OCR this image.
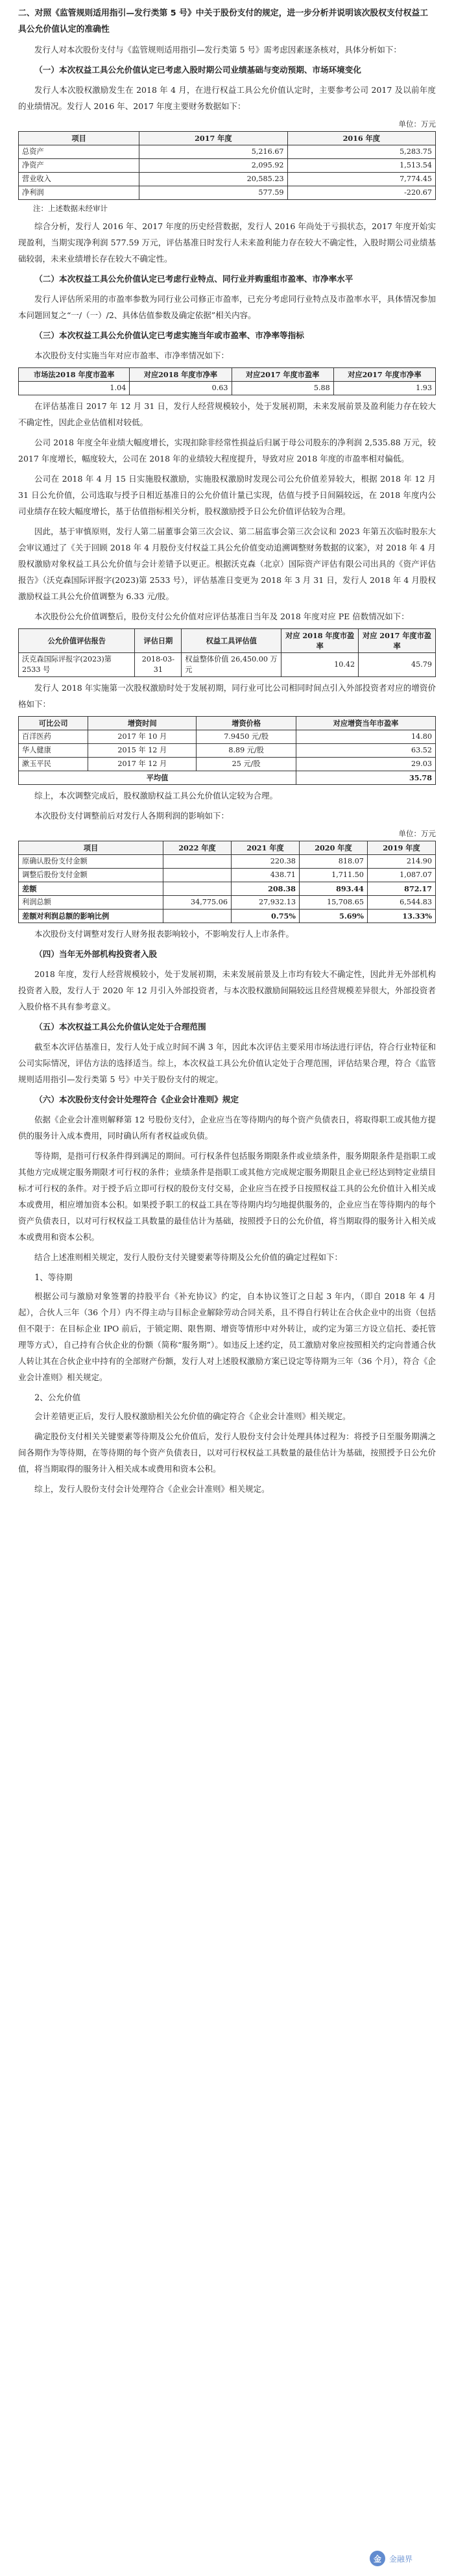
二、对照《监管规则适用指引—发行类第 5 号》中关于股份支付的规定，进一步分析并说明该次股权支付权益工具公允价值认定的准确性

发行人对本次股份支付与《监管规则适用指引—发行类第 5 号》需考虑因素逐条核对，具体分析如下：

（一）本次权益工具公允价值认定已考虑入股时期公司业绩基础与变动预期、市场环境变化

发行人本次股权激励发生在 2018 年 4 月，在进行权益工具公允价值认定时，主要参考公司 2017 及以前年度的业绩情况。发行人 2016 年、2017 年度主要财务数据如下：

单位：万元
项目	2017 年度	2016 年度
总资产	5,216.67	5,283.75
净资产	2,095.92	1,513.54
营业收入	20,585.23	7,774.45
净利润	577.59	-220.67
注：上述数据未经审计

综合分析，发行人 2016 年、2017 年度的历史经营数据，发行人 2016 年尚处于亏损状态，2017 年度开始实现盈利，当期实现净利润 577.59 万元，评估基准日时发行人未来盈利能力存在较大不确定性，入股时期公司业绩基础较弱，未来业绩增长存在较大不确定性。

（二）本次权益工具公允价值认定已考虑行业特点、同行业并购重组市盈率、市净率水平

发行人评估所采用的市盈率参数为同行业公司修正市盈率，已充分考虑同行业特点及市盈率水平，具体情况参加本问题回复之“一/（一）/2、具体估值参数及确定依据”相关内容。

（三）本次权益工具公允价值认定已考虑实施当年或市盈率、市净率等指标

本次股份支付实施当年对应市盈率、市净率情况如下：

市场法2018 年度市盈率	对应2018 年度市净率	对应2017 年度市盈率	对应2017 年度市净率
1.04	0.63	5.88	1.93

在评估基准日 2017 年 12 月 31 日，发行人经营规模较小，处于发展初期，未来发展前景及盈利能力存在较大不确定性，因此企业估值相对较低。

公司 2018 年度全年业绩大幅度增长，实现扣除非经常性损益后归属于母公司股东的净利润 2,535.88 万元，较 2017 年度增长，幅度较大，公司在 2018 年的业绩较大程度提升，导致对应 2018 年度的市盈率相对偏低。

公司在 2018 年 4 月 15 日实施股权激励，实施股权激励时发现公司公允价值差异较大，根据 2018 年 12 月 31 日公允价值，公司选取与授予日相近基准日的公允价值计量已实现，估值与授予日间隔较远，在 2018 年度内公司业绩存在较大幅度增长，基于估值指标相关分析，股权激励授予日公允价值评估较为合理。

因此，基于审慎原则，发行人第二届董事会第三次会议、第二届监事会第三次会议和 2023 年第五次临时股东大会审议通过了《关于回顾 2018 年 4 月股份支付权益工具公允价值变动追溯调整财务数据的议案》，对 2018 年 4 月股权激励对象权益工具公允价值与会计差错予以更正。根据沃克森（北京）国际资产评估有限公司出具的《资产评估报告》（沃克森国际评报字(2023)第 2533 号），评估基准日变更为 2018 年 3 月 31 日，发行人 2018 年 4 月股权激励权益工具公允价值调整为 6.33 元/股。

本次股份公允价值调整后，股份支付公允价值对应评估基准日当年及 2018 年度对应 PE 倍数情况如下：

公允价值评估报告	评估日期	权益工具评估值	对应 2018 年度市盈率	对应 2017 年度市盈率
沃克森国际评报字(2023)第 2533 号	2018-03-31	权益整体价值 26,450.00 万元	10.42	45.79

发行人 2018 年实施第一次股权激励时处于发展初期，同行业可比公司相同时间点引入外部投资者对应的增资价格如下：

可比公司	增资时间	增资价格	对应增资当年市盈率
百洋医药	2017 年 10 月	7.9450 元/股	14.80
华人健康	2015 年 12 月	8.89 元/股	63.52
漱玉平民	2017 年 12 月	25 元/股	29.03
平均值			35.78

综上，本次调整完成后，股权激励权益工具公允价值认定较为合理。

本次股份支付调整前后对发行人各期利润的影响如下：

单位：万元
项目	2022 年度	2021 年度	2020 年度	2019 年度
原确认股份支付金额		220.38	818.07	214.90
调整后股份支付金额		438.71	1,711.50	1,087.07
差额		208.38	893.44	872.17
利润总额	34,775.06	27,932.13	15,708.65	6,544.83
差额对利润总额的影响比例		0.75%	5.69%	13.33%

本次股份支付调整对发行人财务报表影响较小，不影响发行人上市条件。

（四）当年无外部机构投资者入股

2018 年度，发行人经营规模较小，处于发展初期，未来发展前景及上市均有较大不确定性，因此并无外部机构投资者入股，发行人于 2020 年 12 月引入外部投资者，与本次股权激励间隔较远且经营规模差异很大，外部投资者入股价格不具有参考意义。

（五）本次权益工具公允价值认定处于合理范围

截至本次评估基准日，发行人处于成立时间不满 3 年，因此本次评估主要采用市场法进行评估，符合行业特征和公司实际情况，评估方法的选择适当。综上，本次权益工具公允价值认定处于合理范围，评估结果合理，符合《监管规则适用指引—发行类第 5 号》中关于股份支付的规定。

（六）本次股份支付会计处理符合《企业会计准则》规定

依据《企业会计准则解释第 12 号股份支付》，企业应当在等待期内的每个资产负债表日，将取得职工或其他方提供的服务计入成本费用，同时确认所有者权益或负债。

等待期，是指可行权条件得到满足的期间。可行权条件包括服务期限条件或业绩条件，服务期限条件是指职工或其他方完成规定服务期限才可行权的条件；业绩条件是指职工或其他方完成规定服务期限且企业已经达到特定业绩目标才可行权的条件。对于授予后立即可行权的股份支付交易，企业应当在授予日按照权益工具的公允价值计入相关成本或费用，相应增加资本公积。如果授予职工的权益工具在等待期内均匀地提供服务的，企业应当在等待期内的每个资产负债表日，以对可行权权益工具数量的最佳估计为基础，按照授予日的公允价值，将当期取得的服务计入相关成本或费用和资本公积。

结合上述准则相关规定，发行人股份支付关键要素等待期及公允价值的确定过程如下：

1、等待期

根据公司与激励对象签署的持股平台《补充协议》约定，自本协议签订之日起 3 年内，（即自 2018 年 4 月起），合伙人三年（36 个月）内不得主动与目标企业解除劳动合同关系，且不得自行转让在合伙企业中的出资（包括但不限于：在目标企业 IPO 前后，于锁定期、限售期、增资等情形中对外转让，或约定为第三方设立信托、委托管理等方式），自己持有合伙企业的份额（简称“服务期”）。如违反上述约定，员工激励对象应按照相关约定向普通合伙人转让其在合伙企业中持有的全部财产份额，发行人对上述股权激励方案已设定等待期为三年（36 个月），符合《企业会计准则》相关规定。

2、公允价值

会计差错更正后，发行人股权激励相关公允价值的确定符合《企业会计准则》相关规定。

确定股份支付相关关键要素等待期及公允价值后，发行人股份支付会计处理具体过程为：将授予日至服务期满之间各期作为等待期，在等待期的每个资产负债表日，以对可行权权益工具数量的最佳估计为基础，按照授予日公允价值，将当期取得的服务计入相关成本或费用和资本公积。

综上，发行人股份支付会计处理符合《企业会计准则》相关规定。

金	金融界
